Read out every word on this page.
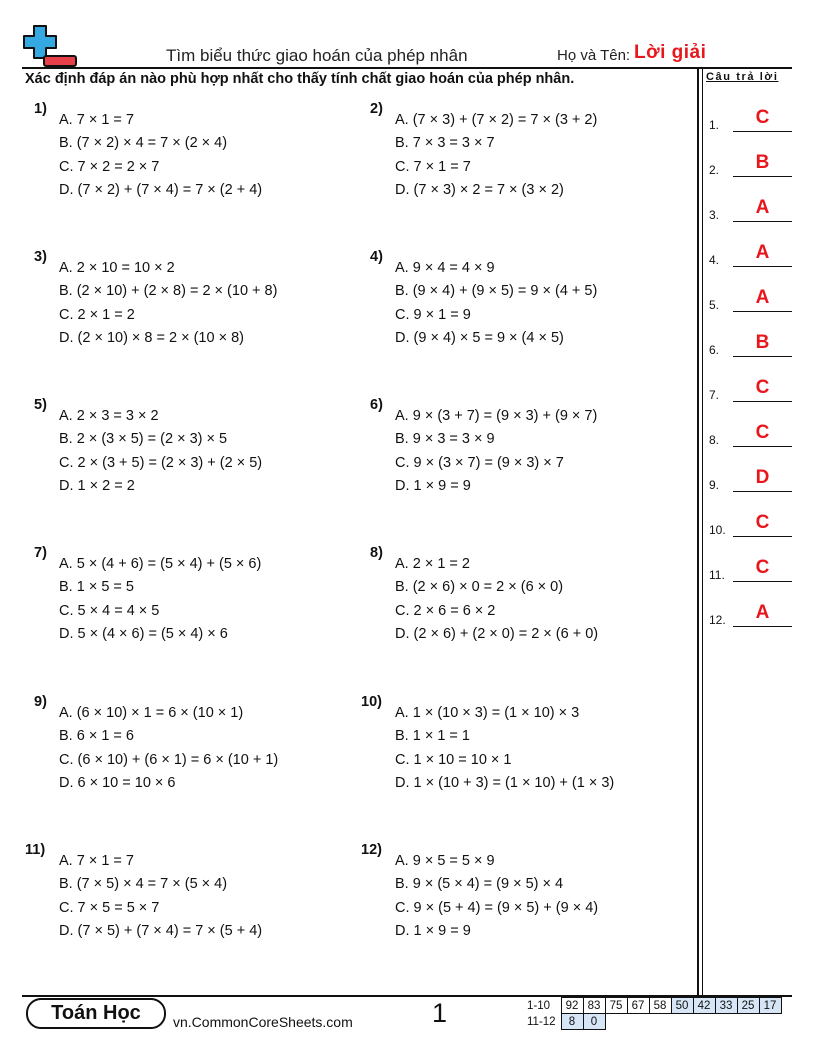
Tìm biểu thức giao hoán của phép nhân	Họ và Tên: Lời giải
Xác định đáp án nào phù hợp nhất cho thấy tính chất giao hoán của phép nhân.	Câu trả lời
1.	C
2.	B
3.	A
4.	A
5.	A
6.	B
7.	C
8.	C
9.	D
10.	C
11.	C
12.	A
1)
A. 7 × 1 = 7
B. (7 × 2) × 4 = 7 × (2 × 4)
C. 7 × 2 = 2 × 7
D. (7 × 2) + (7 × 4) = 7 × (2 + 4)
2)
A. (7 × 3) + (7 × 2) = 7 × (3 + 2)
B. 7 × 3 = 3 × 7
C. 7 × 1 = 7
D. (7 × 3) × 2 = 7 × (3 × 2)
3)
A. 2 × 10 = 10 × 2
B. (2 × 10) + (2 × 8) = 2 × (10 + 8)
C. 2 × 1 = 2
D. (2 × 10) × 8 = 2 × (10 × 8)
4)
A. 9 × 4 = 4 × 9
B. (9 × 4) + (9 × 5) = 9 × (4 + 5)
C. 9 × 1 = 9
D. (9 × 4) × 5 = 9 × (4 × 5)
5)
A. 2 × 3 = 3 × 2
B. 2 × (3 × 5) = (2 × 3) × 5
C. 2 × (3 + 5) = (2 × 3) + (2 × 5)
D. 1 × 2 = 2
6)
A. 9 × (3 + 7) = (9 × 3) + (9 × 7)
B. 9 × 3 = 3 × 9
C. 9 × (3 × 7) = (9 × 3) × 7
D. 1 × 9 = 9
7)
A. 5 × (4 + 6) = (5 × 4) + (5 × 6)
B. 1 × 5 = 5
C. 5 × 4 = 4 × 5
D. 5 × (4 × 6) = (5 × 4) × 6
8)
A. 2 × 1 = 2
B. (2 × 6) × 0 = 2 × (6 × 0)
C. 2 × 6 = 6 × 2
D. (2 × 6) + (2 × 0) = 2 × (6 + 0)
9)
A. (6 × 10) × 1 = 6 × (10 × 1)
B. 6 × 1 = 6
C. (6 × 10) + (6 × 1) = 6 × (10 + 1)
D. 6 × 10 = 10 × 6
10)
A. 1 × (10 × 3) = (1 × 10) × 3
B. 1 × 1 = 1
C. 1 × 10 = 10 × 1
D. 1 × (10 + 3) = (1 × 10) + (1 × 3)
11)
A. 7 × 1 = 7
B. (7 × 5) × 4 = 7 × (5 × 4)
C. 7 × 5 = 5 × 7
D. (7 × 5) + (7 × 4) = 7 × (5 + 4)
12)
A. 9 × 5 = 5 × 9
B. 9 × (5 × 4) = (9 × 5) × 4
C. 9 × (5 + 4) = (9 × 5) + (9 × 4)
D. 1 × 9 = 9
Toán Học	vn.CommonCoreSheets.com	1	1-10	92	83	75	67	58	50	42	33	25	17
11-12	8	0								
